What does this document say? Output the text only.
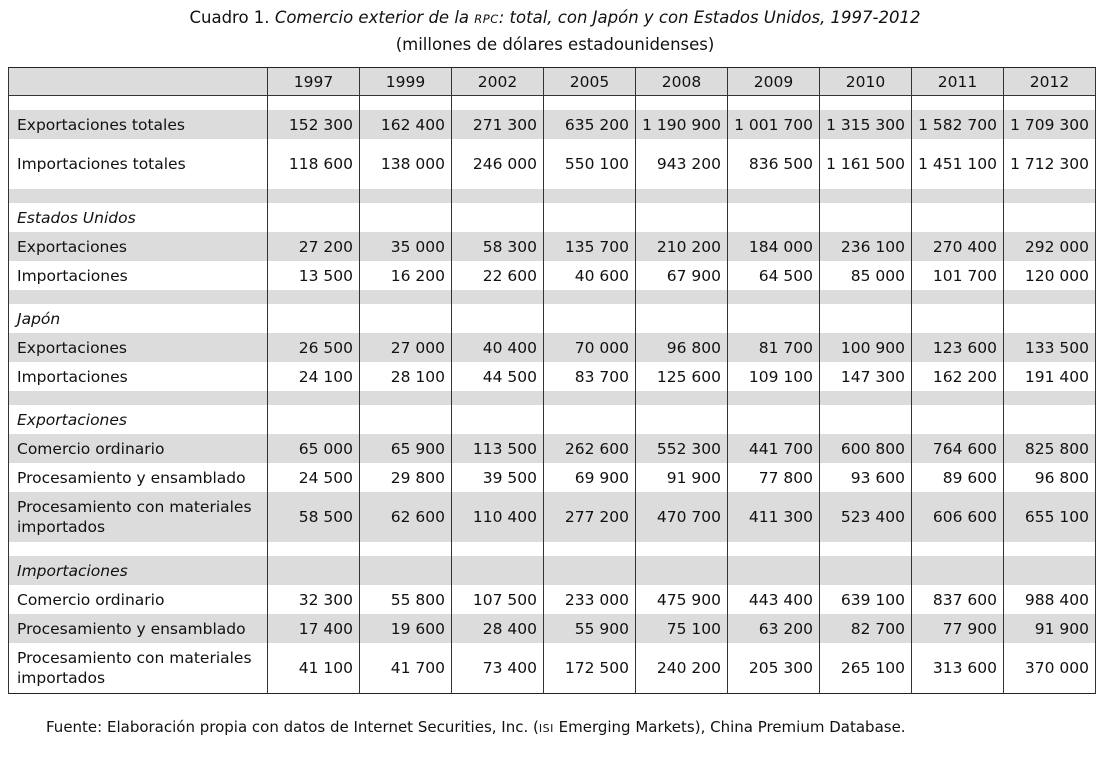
Cuadro 1. Comercio exterior de la RPC: total, con Japón y con Estados Unidos, 1997-2012
(millones de dólares estadounidenses)
	1997	1999	2002	2005	2008	2009	2010	2011	2012

Exportaciones totales	152 300	162 400	271 300	635 200	1 190 900	1 001 700	1 315 300	1 582 700	1 709 300
Importaciones totales	118 600	138 000	246 000	550 100	943 200	836 500	1 161 500	1 451 100	1 712 300

Estados Unidos									
Exportaciones	27 200	35 000	58 300	135 700	210 200	184 000	236 100	270 400	292 000
Importaciones	13 500	16 200	22 600	40 600	67 900	64 500	85 000	101 700	120 000

Japón									
Exportaciones	26 500	27 000	40 400	70 000	96 800	81 700	100 900	123 600	133 500
Importaciones	24 100	28 100	44 500	83 700	125 600	109 100	147 300	162 200	191 400

Exportaciones									
Comercio ordinario	65 000	65 900	113 500	262 600	552 300	441 700	600 800	764 600	825 800
Procesamiento y ensamblado	24 500	29 800	39 500	69 900	91 900	77 800	93 600	89 600	96 800
Procesamiento con materiales
importados	58 500	62 600	110 400	277 200	470 700	411 300	523 400	606 600	655 100

Importaciones									
Comercio ordinario	32 300	55 800	107 500	233 000	475 900	443 400	639 100	837 600	988 400
Procesamiento y ensamblado	17 400	19 600	28 400	55 900	75 100	63 200	82 700	77 900	91 900
Procesamiento con materiales
importados	41 100	41 700	73 400	172 500	240 200	205 300	265 100	313 600	370 000
Fuente: Elaboración propia con datos de Internet Securities, Inc. (ISI Emerging Markets), China Premium Database.
